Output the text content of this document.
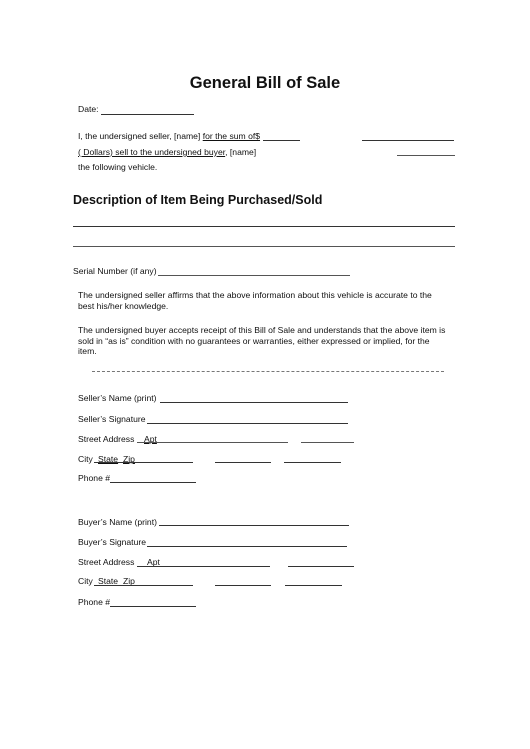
General Bill of Sale
Date:
I, the undersigned seller, [name] for the sum of$
( Dollars) sell to the undersigned buyer, [name]
the following vehicle.
Description of Item Being Purchased/Sold
Serial Number (if any)
The undersigned seller affirms that the above information about this vehicle is accurate to the best his/her knowledge.
The undersigned buyer accepts receipt of this Bill of Sale and understands that the above item is sold in “as is” condition with no guarantees or warranties, either expressed or implied, for the item.
Seller’s Name (print)
Seller’s Signature
Street Address Apt
City State Zip
Phone #
Buyer’s Name (print)
Buyer’s Signature
Street Address Apt
City State Zip
Phone #
